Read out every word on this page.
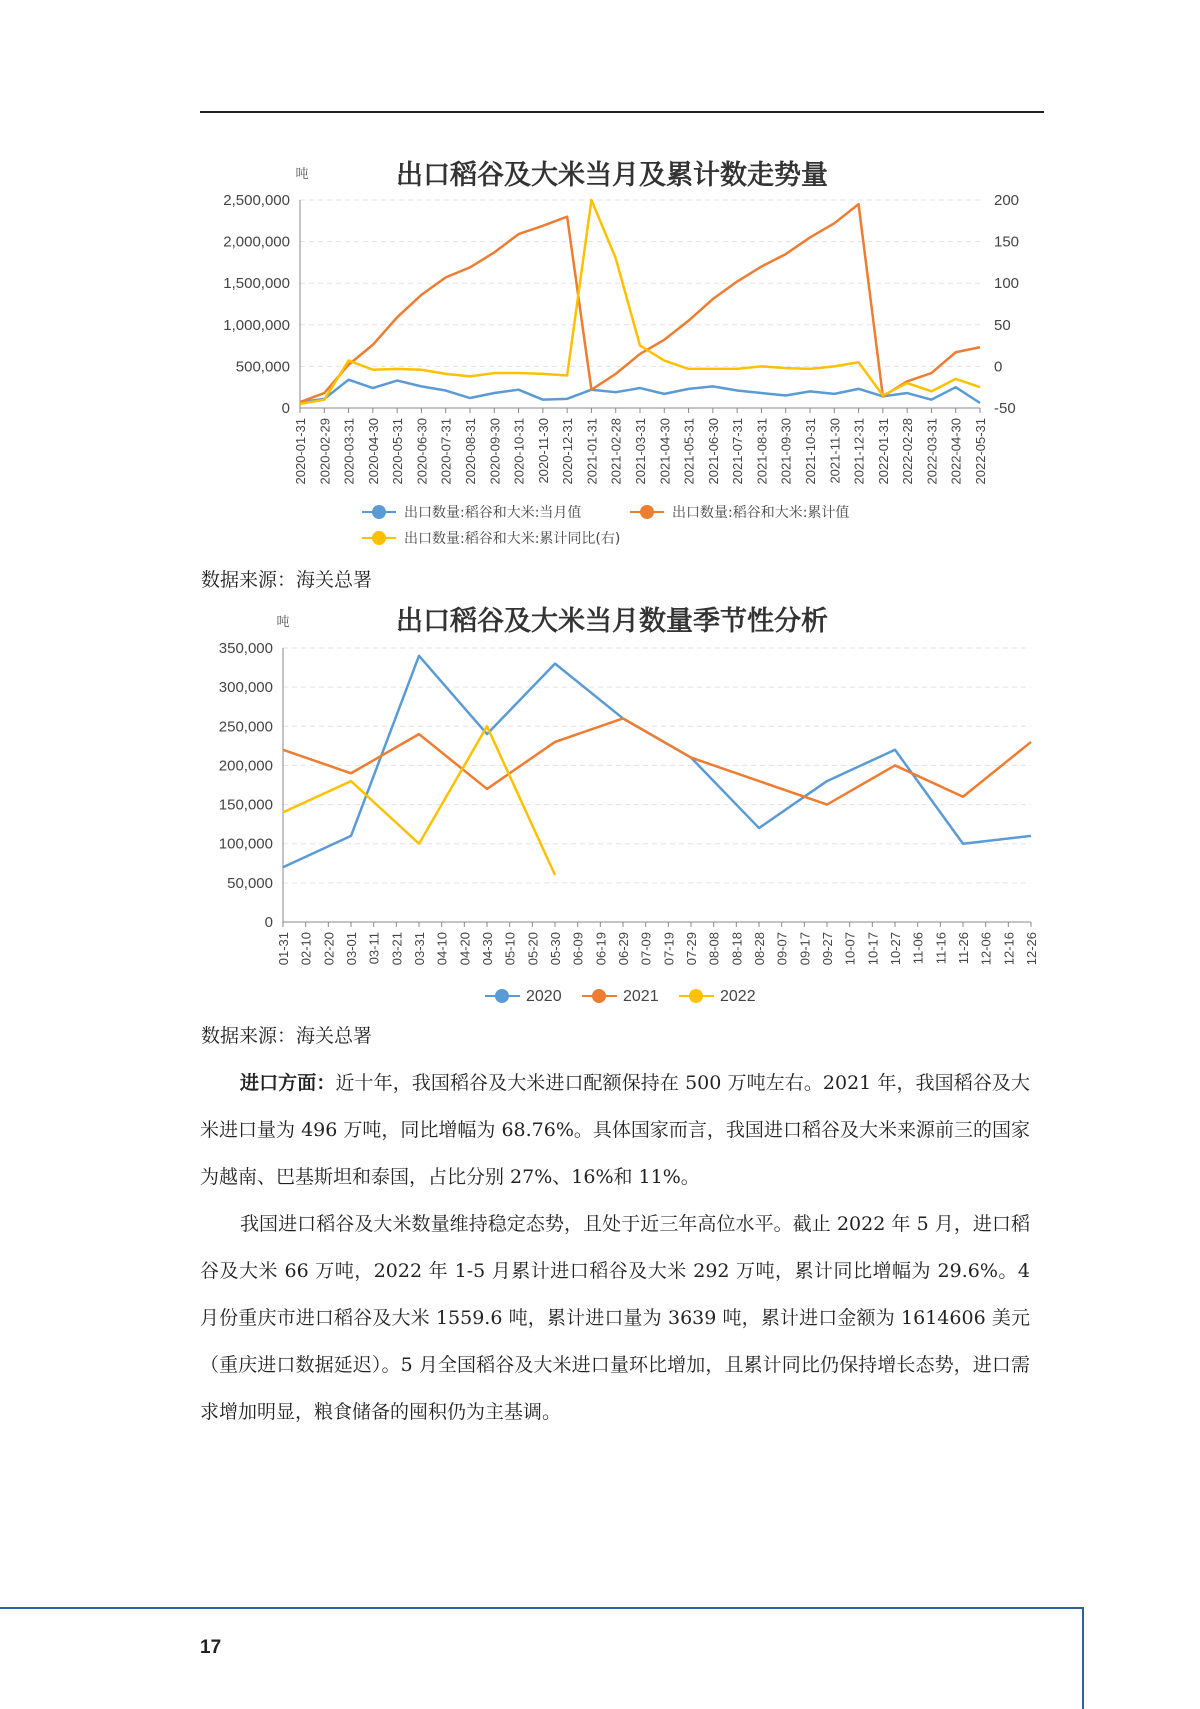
出口稻谷及大米当月及累计数走势量
吨
0
500,000
1,000,000
1,500,000
2,000,000
2,500,000
-50
0
50
100
150
200
2020-01-31 2020-02-29 2020-03-31 2020-04-30 2020-05-31 2020-06-30 2020-07-31 2020-08-31 2020-09-30 2020-10-31 2020-11-30 2020-12-31 2021-01-31 2021-02-28 2021-03-31 2021-04-30 2021-05-31 2021-06-30 2021-07-31 2021-08-31 2021-09-30 2021-10-31 2021-11-30 2021-12-31 2022-01-31 2022-02-28 2022-03-31 2022-04-30 2022-05-31
出口数量:稻谷和大米:当月值	出口数量:稻谷和大米:累计值
出口数量:稻谷和大米:累计同比(右)

数据来源：海关总署

出口稻谷及大米当月数量季节性分析
吨
0
50,000
100,000
150,000
200,000
250,000
300,000
350,000
01-31 02-10 02-20 03-01 03-11 03-21 03-31 04-10 04-20 04-30 05-10 05-20 05-30 06-09 06-19 06-29 07-09 07-19 07-29 08-08 08-18 08-28 09-07 09-17 09-27 10-07 10-17 10-27 11-06 11-16 11-26 12-06 12-16 12-26
2020	2021	2022

数据来源：海关总署

进口方面：近十年，我国稻谷及大米进口配额保持在 500 万吨左右。2021 年，我国稻谷及大米进口量为 496 万吨，同比增幅为 68.76%。具体国家而言，我国进口稻谷及大米来源前三的国家为越南、巴基斯坦和泰国，占比分别 27%、16%和 11%。

我国进口稻谷及大米数量维持稳定态势，且处于近三年高位水平。截止 2022 年 5 月，进口稻谷及大米 66 万吨，2022 年 1-5 月累计进口稻谷及大米 292 万吨，累计同比增幅为 29.6%。4 月份重庆市进口稻谷及大米 1559.6 吨，累计进口量为 3639 吨，累计进口金额为 1614606 美元（重庆进口数据延迟）。5 月全国稻谷及大米进口量环比增加，且累计同比仍保持增长态势，进口需求增加明显，粮食储备的囤积仍为主基调。

17
